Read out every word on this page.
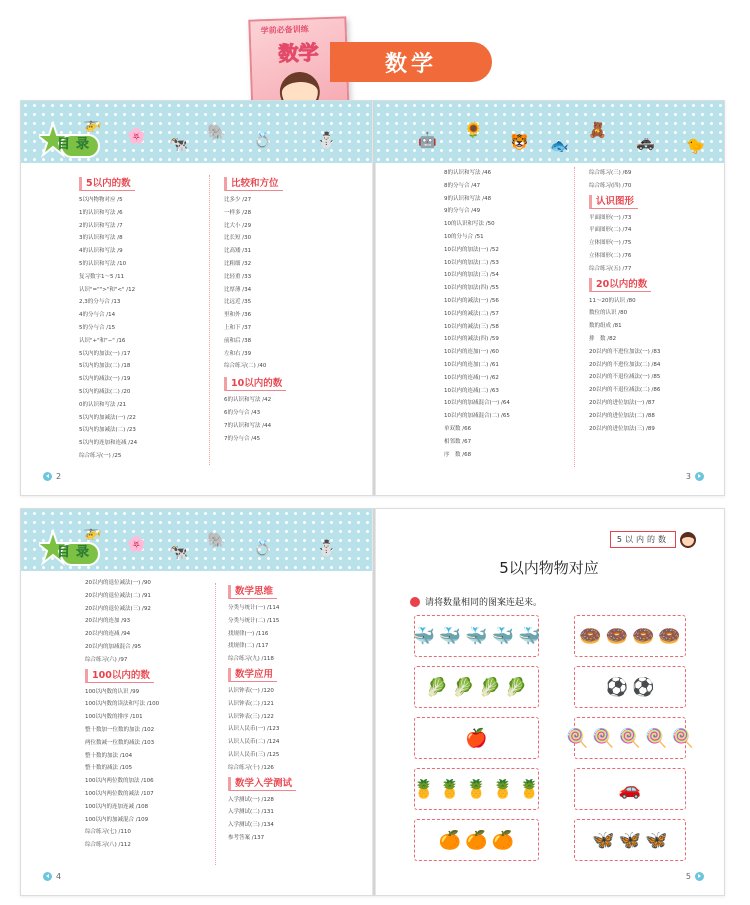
学前必备训练
数学	数学
目录
🚁
🌸 🐄
🐘 💍	⛄
5以内的数
5以内物物对应 /5
1的认识和写法 /6
2的认识和写法 /7
3的认识和写法 /8
4的认识和写法 /9
5的认识和写法 /10
复习数字1～5 /11
认识"="">"和"<" /12
2,3的分与合 /13
4的分与合 /14
5的分与合 /15
认识"+"和"−" /16
5以内的加法(一) /17
5以内的加法(二) /18
5以内的减法(一) /19
5以内的减法(二) /20
0的认识和写法 /21
5以内的加减法(一) /22
5以内的加减法(二) /23
5以内的连加和连减 /24
综合练习(一) /25
比较和方位
比多少 /27
一样多 /28
比大小 /29
比长短 /30
比高矮 /31
比粗细 /32
比轻重 /33
比厚薄 /34
比远近 /35
里和外 /36
上和下 /37
前和后 /38
左和右 /39
综合练习(二) /40
10以内的数
6的认识和写法 /42
6的分与合 /43
7的认识和写法 /44
7的分与合 /45
2
🤖
🌻
🐯 🐟
🧸
🚓 🐤
8的认识和写法 /46
8的分与合 /47
9的认识和写法 /48
9的分与合 /49
10的认识和写法 /50
10的分与合 /51
10以内的加法(一) /52
10以内的加法(二) /53
10以内的加法(三) /54
10以内的加法(四) /55
10以内的减法(一) /56
10以内的减法(二) /57
10以内的减法(三) /58
10以内的减法(四) /59
10以内的连加(一) /60
10以内的连加(二) /61
10以内的连减(一) /62
10以内的连减(二) /63
10以内的加减混合(一) /64
10以内的加减混合(二) /65
单双数 /66
相邻数 /67
序　数 /68
综合练习(三) /69
综合练习(四) /70
认识图形
平面图形(一) /73
平面图形(二) /74
立体图形(一) /75
立体图形(二) /76
综合练习(五) /77
20以内的数
11～20的认识 /80
数位的认识 /80
数的组成 /81
排　数 /82
20以内的不进位加法(一) /83
20以内的不进位加法(二) /84
20以内的不退位减法(一) /85
20以内的不退位减法(二) /86
20以内的进位加法(一) /87
20以内的进位加法(二) /88
20以内的进位加法(三) /89
3
目录
🚁
🌸 🐄
🐘 💍	⛄
20以内的退位减法(一) /90
20以内的退位减法(二) /91
20以内的退位减法(三) /92
20以内的连加 /93
20以内的连减 /94
20以内的加减混合 /95
综合练习(六) /97
100以内的数
100以内数的认识 /99
100以内数的读法和写法 /100
100以内数的排序 /101
整十数加一位数的加法 /102
两位数减一位数的减法 /103
整十数的加法 /104
整十数的减法 /105
100以内两位数的加法 /106
100以内两位数的减法 /107
100以内的连加连减 /108
100以内的加减混合 /109
综合练习(七) /110
综合练习(八) /112
数学思维
分类与统计(一) /114
分类与统计(二) /115
找规律(一) /116
找规律(二) /117
综合练习(九) /118
数学应用
认识钟表(一) /120
认识钟表(二) /121
认识钟表(三) /122
认识人民币(一) /123
认识人民币(二) /124
认识人民币(三) /125
综合练习(十) /126
数学入学测试
入学测试(一) /128
入学测试(二) /131
入学测试(三) /134
参考答案 /137
4
5以内的数
5以内物物对应
请将数量相同的图案连起来。
🐳 🐳 🐳 🐳 🐳
🥬 🥬 🥬 🥬
🍎
🍍 🍍 🍍 🍍 🍍
🍊 🍊 🍊
🍩 🍩 🍩 🍩
⚽ ⚽
🍭 🍭 🍭 🍭 🍭
🚗
🦋 🦋 🦋
5
